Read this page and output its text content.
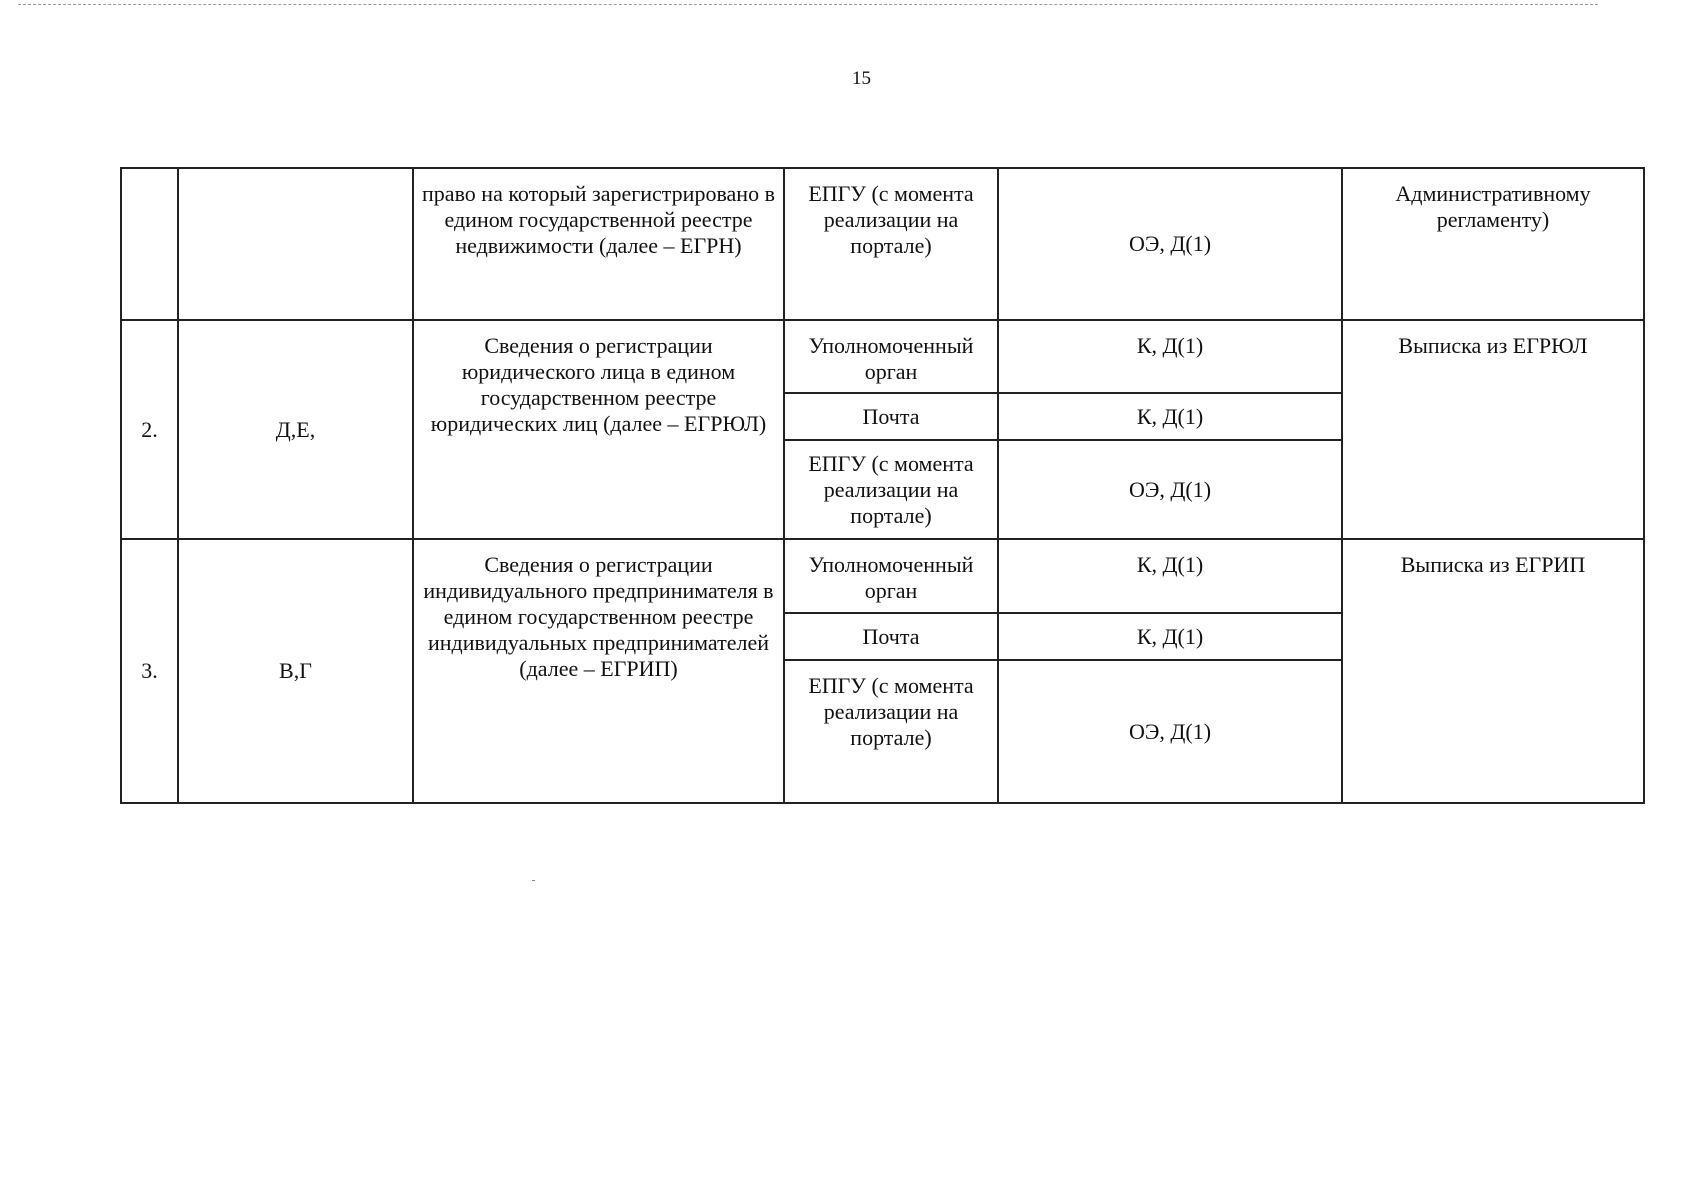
15
		право на который зарегистрировано в едином государственной реестре недвижимости (далее – ЕГРН)	ЕПГУ (с момента реализации на портале)	ОЭ, Д(1)	Административному регламенту)
2.	Д,Е,	Сведения о регистрации юридического лица в едином государственном реестре юридических лиц (далее – ЕГРЮЛ)	Уполномоченный орган	К, Д(1)	Выписка из ЕГРЮЛ
			Почта	К, Д(1)	
			ЕПГУ (с момента реализации на портале)	ОЭ, Д(1)	
3.	В,Г	Сведения о регистрации индивидуального предпринимателя в едином государственном реестре индивидуальных предпринимателей (далее – ЕГРИП)	Уполномоченный орган	К, Д(1)	Выписка из ЕГРИП
			Почта	К, Д(1)	
			ЕПГУ (с момента реализации на портале)	ОЭ, Д(1)	
